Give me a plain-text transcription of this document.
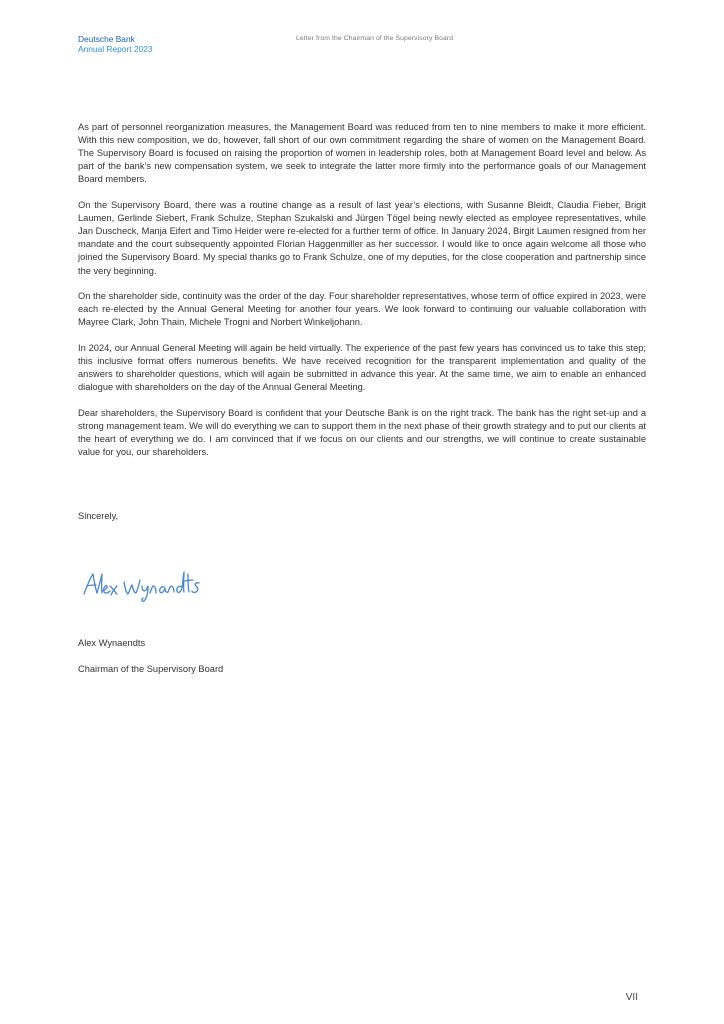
Deutsche Bank
Annual Report 2023
Letter from the Chairman of the Supervisory Board

As part of personnel reorganization measures, the Management Board was reduced from ten to nine members to make it more efficient. With this new composition, we do, however, fall short of our own commitment regarding the share of women on the Management Board. The Supervisory Board is focused on raising the proportion of women in leadership roles, both at Management Board level and below. As part of the bank’s new compensation system, we seek to integrate the latter more firmly into the performance goals of our Management Board members.

On the Supervisory Board, there was a routine change as a result of last year’s elections, with Susanne Bleidt, Claudia Fieber, Brigit Laumen, Gerlinde Siebert, Frank Schulze, Stephan Szukalski and Jürgen Tögel being newly elected as employee representatives, while Jan Duscheck, Manja Eifert and Timo Heider were re-elected for a further term of office. In January 2024, Birgit Laumen resigned from her mandate and the court subsequently appointed Florian Haggenmiller as her successor. I would like to once again welcome all those who joined the Supervisory Board. My special thanks go to Frank Schulze, one of my deputies, for the close cooperation and partnership since the very beginning.

On the shareholder side, continuity was the order of the day. Four shareholder representatives, whose term of office expired in 2023, were each re-elected by the Annual General Meeting for another four years. We look forward to continuing our valuable collaboration with Mayree Clark, John Thain, Michele Trogni and Norbert Winkeljohann.

In 2024, our Annual General Meeting will again be held virtually. The experience of the past few years has convinced us to take this step; this inclusive format offers numerous benefits. We have received recognition for the transparent implementation and quality of the answers to shareholder questions, which will again be submitted in advance this year. At the same time, we aim to enable an enhanced dialogue with shareholders on the day of the Annual General Meeting.

Dear shareholders, the Supervisory Board is confident that your Deutsche Bank is on the right track. The bank has the right set-up and a strong management team. We will do everything we can to support them in the next phase of their growth strategy and to put our clients at the heart of everything we do. I am convinced that if we focus on our clients and our strengths, we will continue to create sustainable value for you, our shareholders.

Sincerely,
Alex Wynaendts
Chairman of the Supervisory Board
VII
